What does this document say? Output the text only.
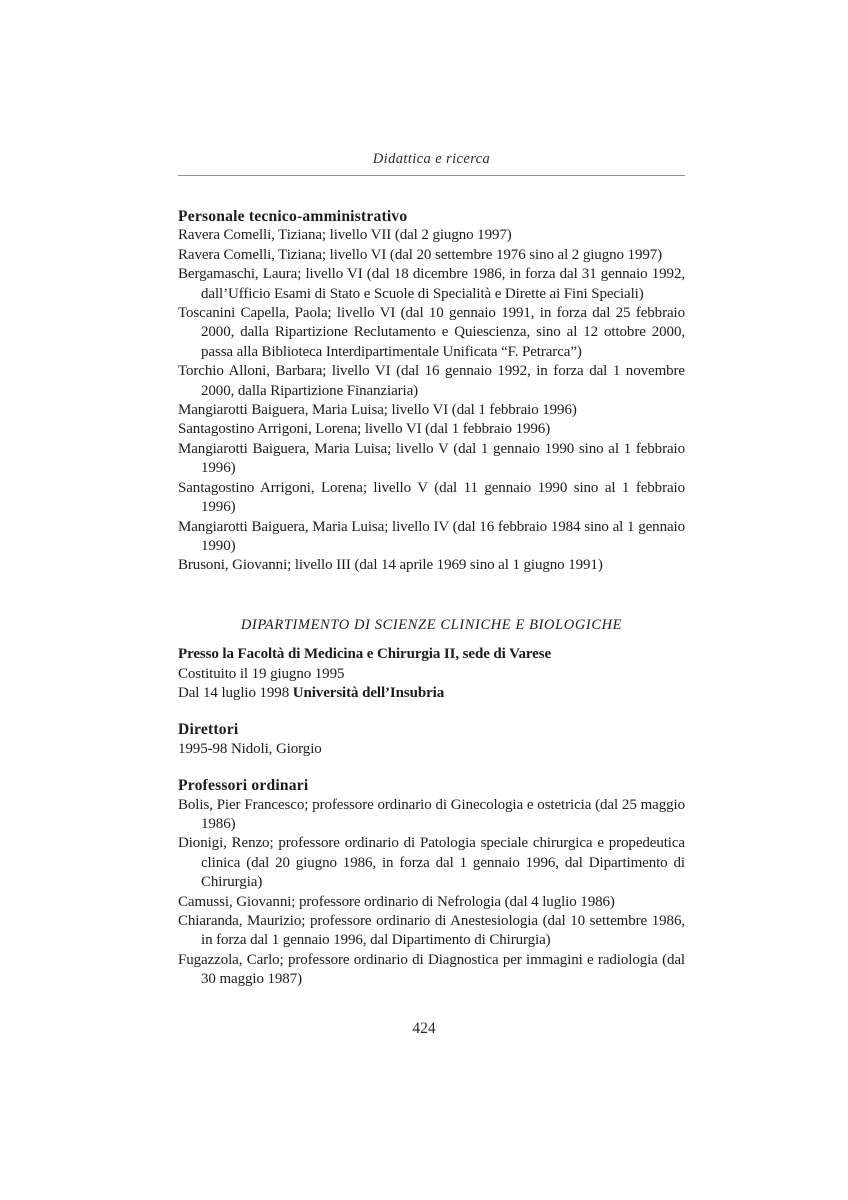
Didattica e ricerca
Personale tecnico-amministrativo

Ravera Comelli, Tiziana; livello VII (dal 2 giugno 1997)

Ravera Comelli, Tiziana; livello VI (dal 20 settembre 1976 sino al 2 giugno 1997)

Bergamaschi, Laura; livello VI (dal 18 dicembre 1986, in forza dal 31 gennaio 1992, dall’Ufficio Esami di Stato e Scuole di Specialità e Dirette ai Fini Speciali)

Toscanini Capella, Paola; livello VI (dal 10 gennaio 1991, in forza dal 25 febbraio 2000, dalla Ripartizione Reclutamento e Quiescienza, sino al 12 ottobre 2000, passa alla Biblioteca Interdipartimentale Unificata “F. Petrarca”)

Torchio Alloni, Barbara; livello VI (dal 16 gennaio 1992, in forza dal 1 novembre 2000, dalla Ripartizione Finanziaria)

Mangiarotti Baiguera, Maria Luisa; livello VI (dal 1 febbraio 1996)

Santagostino Arrigoni, Lorena; livello VI (dal 1 febbraio 1996)

Mangiarotti Baiguera, Maria Luisa; livello V (dal 1 gennaio 1990 sino al 1 febbraio 1996)

Santagostino Arrigoni, Lorena; livello V (dal 11 gennaio 1990 sino al 1 febbraio 1996)

Mangiarotti Baiguera, Maria Luisa; livello IV (dal 16 febbraio 1984 sino al 1 gennaio 1990)

Brusoni, Giovanni; livello III (dal 14 aprile 1969 sino al 1 giugno 1991)

DIPARTIMENTO DI SCIENZE CLINICHE E BIOLOGICHE

Presso la Facoltà di Medicina e Chirurgia II, sede di Varese

Costituito il 19 giugno 1995

Dal 14 luglio 1998 Università dell’Insubria

Direttori

1995-98 Nidoli, Giorgio

Professori ordinari

Bolis, Pier Francesco; professore ordinario di Ginecologia e ostetricia (dal 25 maggio 1986)

Dionigi, Renzo; professore ordinario di Patologia speciale chirurgica e propedeutica clinica (dal 20 giugno 1986, in forza dal 1 gennaio 1996, dal Dipartimento di Chirurgia)

Camussi, Giovanni; professore ordinario di Nefrologia (dal 4 luglio 1986)

Chiaranda, Maurizio; professore ordinario di Anestesiologia (dal 10 settembre 1986, in forza dal 1 gennaio 1996, dal Dipartimento di Chirurgia)

Fugazzola, Carlo; professore ordinario di Diagnostica per immagini e radiologia (dal 30 maggio 1987)

424
